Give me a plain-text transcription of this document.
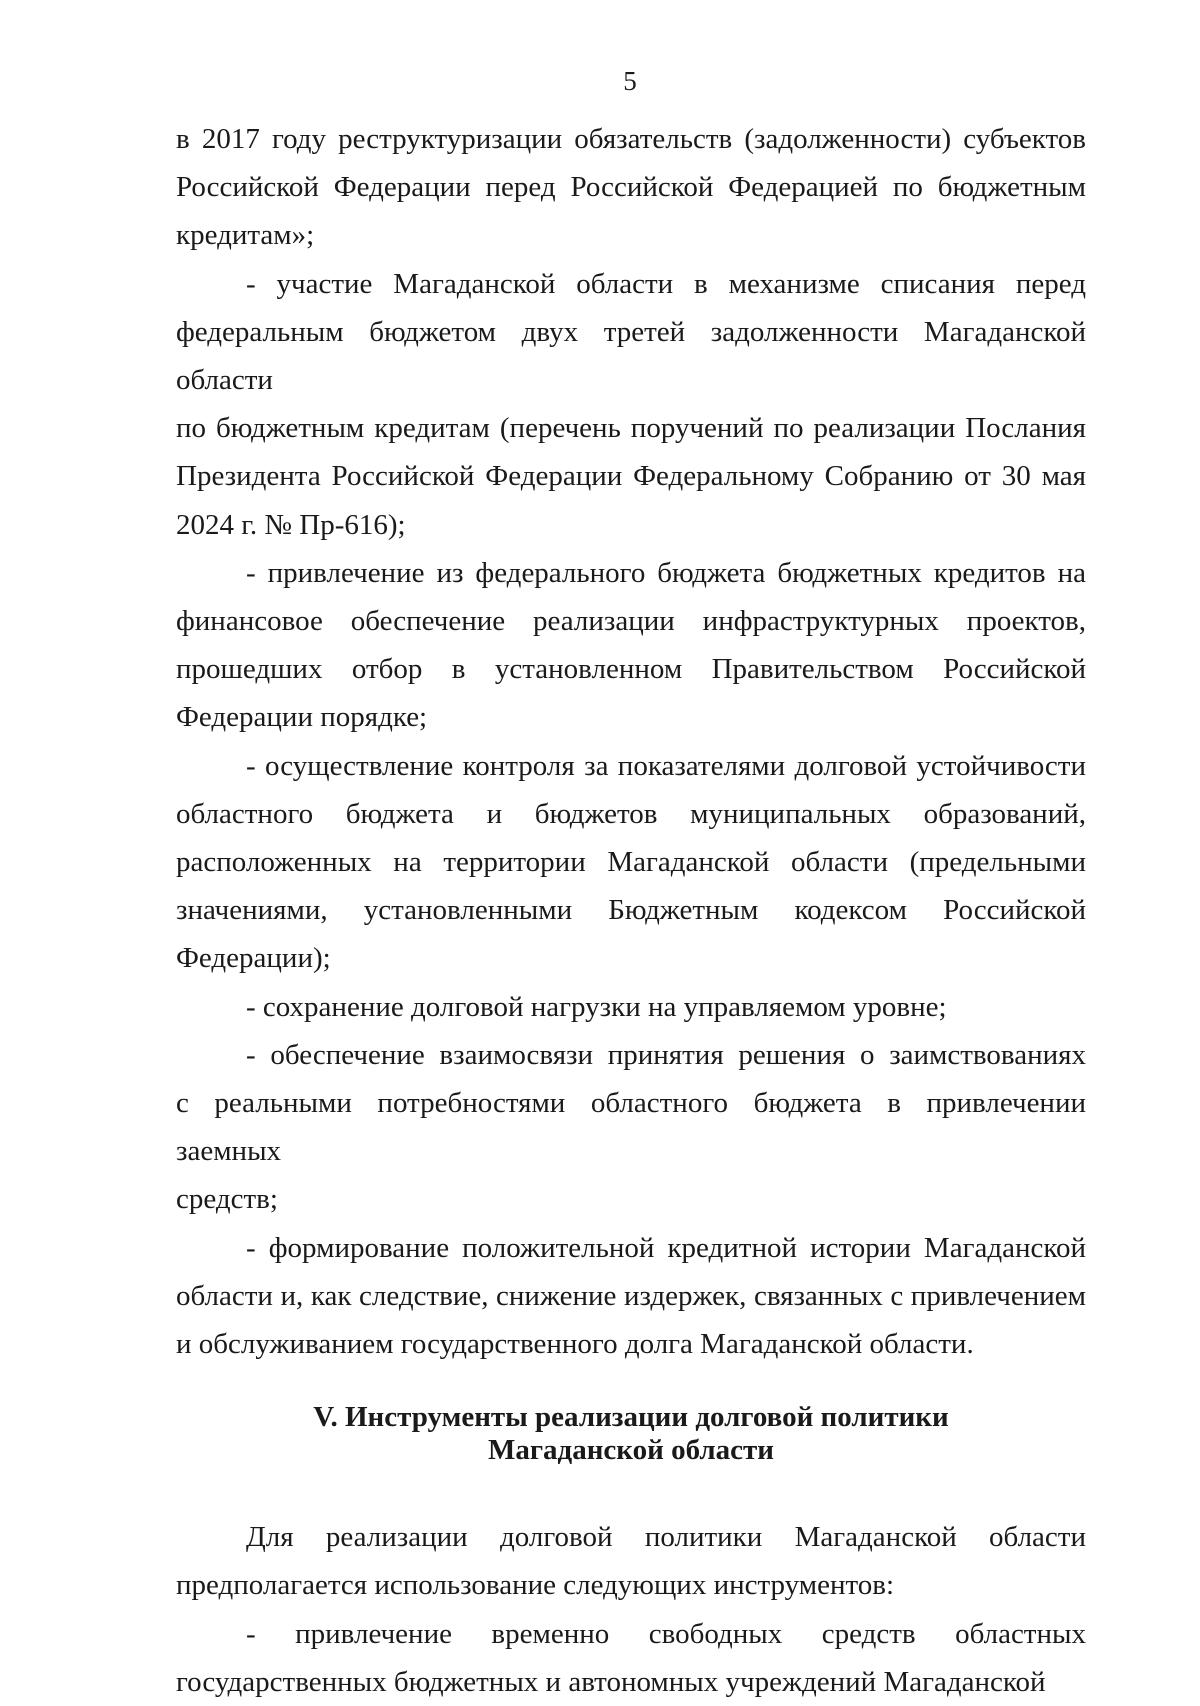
5
в 2017 году реструктуризации обязательств (задолженности) субъектов
Российской Федерации перед Российской Федерацией по бюджетным
кредитам»;
- участие Магаданской области в механизме списания перед
федеральным бюджетом двух третей задолженности Магаданской области
по бюджетным кредитам (перечень поручений по реализации Послания
Президента Российской Федерации Федеральному Собранию от 30 мая
2024 г. № Пр-616);
- привлечение из федерального бюджета бюджетных кредитов на
финансовое обеспечение реализации инфраструктурных проектов,
прошедших отбор в установленном Правительством Российской
Федерации порядке;
- осуществление контроля за показателями долговой устойчивости
областного бюджета и бюджетов муниципальных образований,
расположенных на территории Магаданской области (предельными
значениями, установленными Бюджетным кодексом Российской
Федерации);
- сохранение долговой нагрузки на управляемом уровне;
- обеспечение взаимосвязи принятия решения о заимствованиях
с реальными потребностями областного бюджета в привлечении заемных
средств;
- формирование положительной кредитной истории Магаданской
области и, как следствие, снижение издержек, связанных с привлечением
и обслуживанием государственного долга Магаданской области.
V. Инструменты реализации долговой политики
Магаданской области
Для реализации долговой политики Магаданской области
предполагается использование следующих инструментов:
- привлечение временно свободных средств областных
государственных бюджетных и автономных учреждений Магаданской
